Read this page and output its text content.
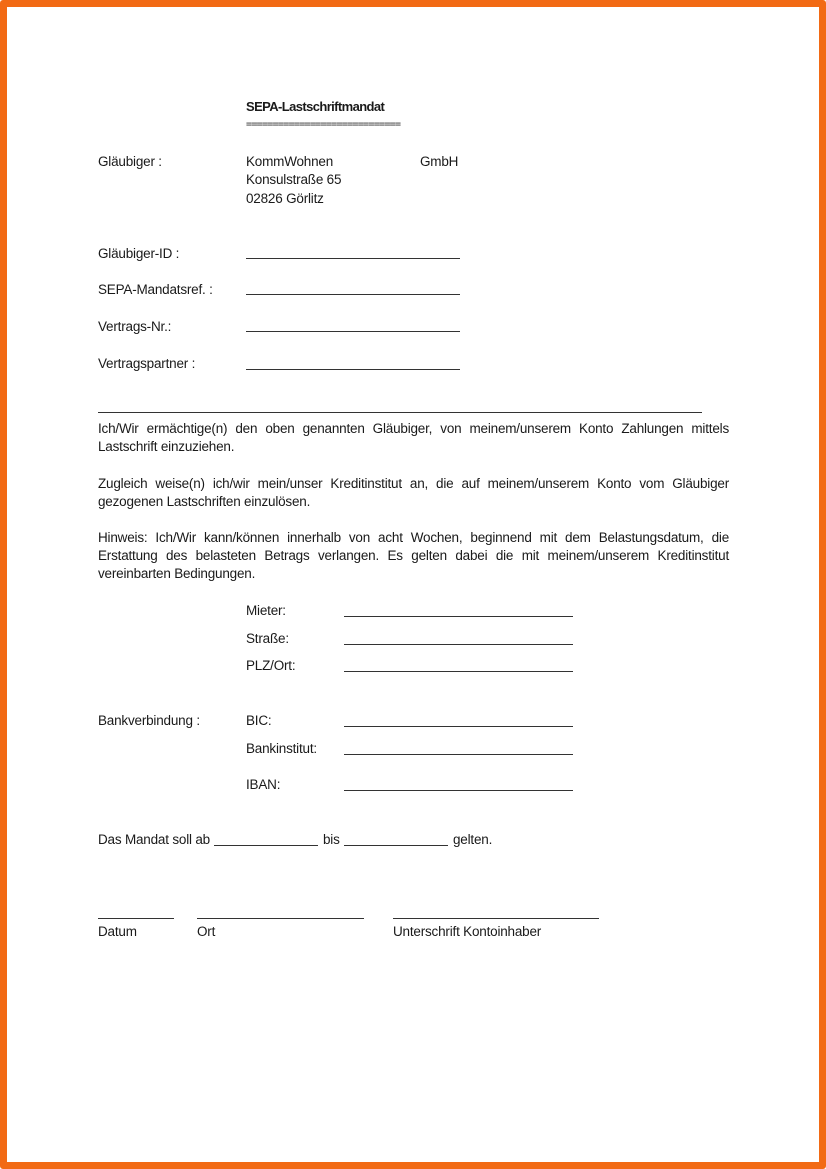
SEPA-Lastschriftmandat
=============================
Gläubiger :	KommWohnen	GmbH
Konsulstraße 65
02826 Görlitz
Gläubiger-ID :
SEPA-Mandatsref. :
Vertrags-Nr.:
Vertragspartner :
Ich/Wir ermächtige(n) den oben genannten Gläubiger, von meinem/unserem Konto Zahlungen mittels Lastschrift einzuziehen.
Zugleich weise(n) ich/wir mein/unser Kreditinstitut an, die auf meinem/unserem Konto vom Gläubiger gezogenen Lastschriften einzulösen.
Hinweis: Ich/Wir kann/können innerhalb von acht Wochen, beginnend mit dem Belastungsdatum, die Erstattung des belasteten Betrags verlangen. Es gelten dabei die mit meinem/unserem Kreditinstitut vereinbarten Bedingungen.
Mieter:
Straße:
PLZ/Ort:
Bankverbindung :	BIC:
Bankinstitut:
IBAN:
Das Mandat soll ab	bis	gelten.
Datum	Ort	Unterschrift Kontoinhaber
